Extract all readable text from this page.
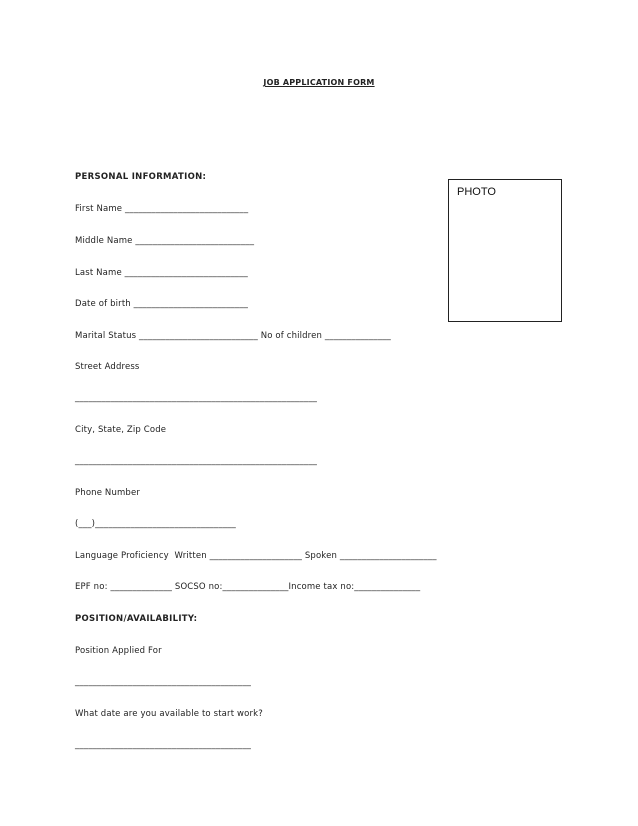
JOB APPLICATION FORM
PERSONAL INFORMATION:
PHOTO
First Name ____________________________
Middle Name ___________________________
Last Name ____________________________
Date of birth __________________________
Marital Status ___________________________ No of children _______________
Street Address
_______________________________________________________
City, State, Zip Code
_______________________________________________________
Phone Number
(___)________________________________
Language Proficiency  Written _____________________ Spoken ______________________
EPF no: ______________ SOCSO no:_______________Income tax no:_______________
POSITION/AVAILABILITY:
Position Applied For
________________________________________
What date are you available to start work?
________________________________________
